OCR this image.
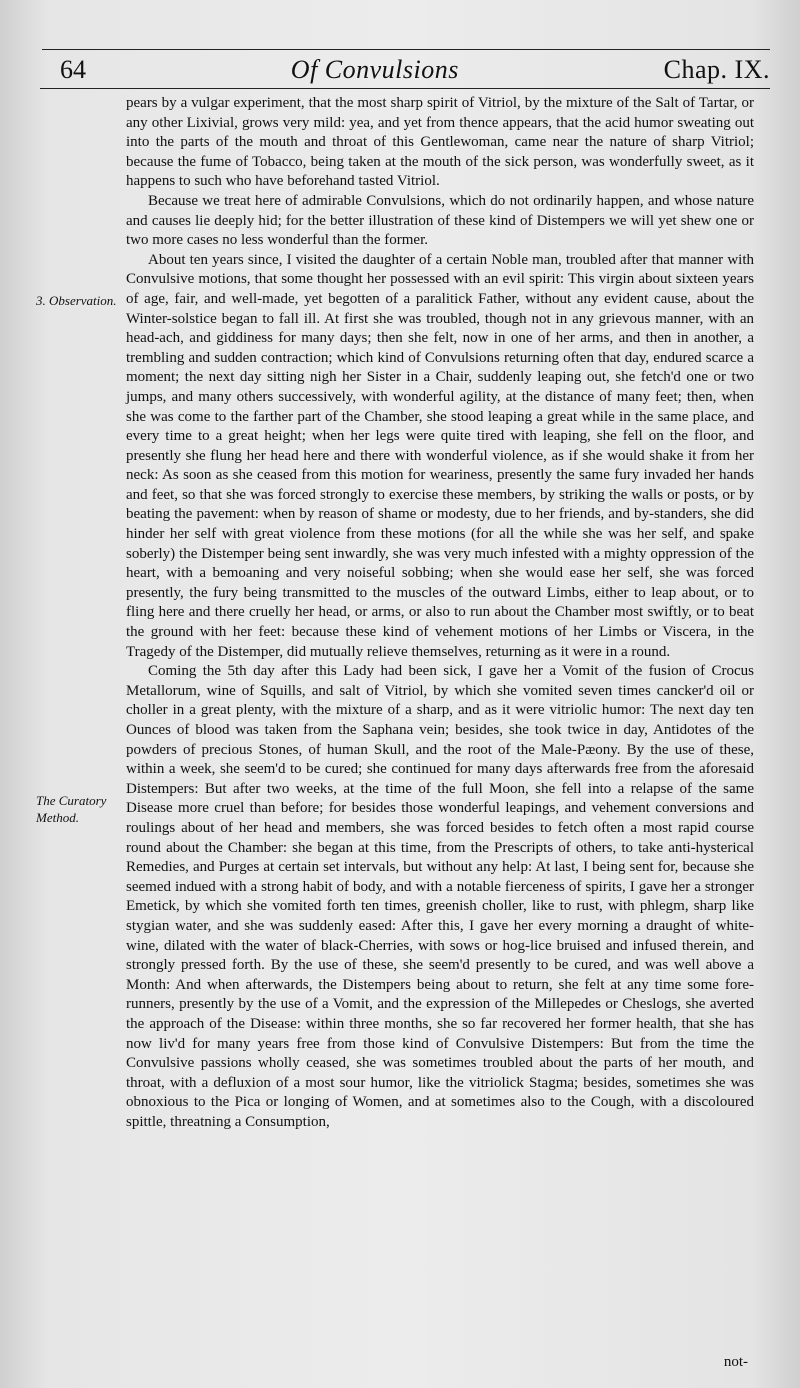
64	Of Convulsions	Chap. IX.
3. Observation.
The Curatory Method.

pears by a vulgar experiment, that the most sharp spirit of Vitriol, by the mixture of the Salt of Tartar, or any other Lixivial, grows very mild: yea, and yet from thence appears, that the acid humor sweating out into the parts of the mouth and throat of this Gentlewoman, came near the nature of sharp Vitriol; because the fume of Tobacco, being taken at the mouth of the sick person, was wonderfully sweet, as it happens to such who have beforehand tasted Vitriol.

Because we treat here of admirable Convulsions, which do not ordinarily happen, and whose nature and causes lie deeply hid; for the better illustration of these kind of Distempers we will yet shew one or two more cases no less wonderful than the former.

About ten years since, I visited the daughter of a certain Noble man, troubled after that manner with Convulsive motions, that some thought her possessed with an evil spirit: This virgin about sixteen years of age, fair, and well-made, yet begotten of a paralitick Father, without any evident cause, about the Winter-solstice began to fall ill. At first she was troubled, though not in any grievous manner, with an head-ach, and giddiness for many days; then she felt, now in one of her arms, and then in another, a trembling and sudden contraction; which kind of Convulsions returning often that day, endured scarce a moment; the next day sitting nigh her Sister in a Chair, suddenly leaping out, she fetch'd one or two jumps, and many others successively, with wonderful agility, at the distance of many feet; then, when she was come to the farther part of the Chamber, she stood leaping a great while in the same place, and every time to a great height; when her legs were quite tired with leaping, she fell on the floor, and presently she flung her head here and there with wonderful violence, as if she would shake it from her neck: As soon as she ceased from this motion for weariness, presently the same fury invaded her hands and feet, so that she was forced strongly to exercise these members, by striking the walls or posts, or by beating the pavement: when by reason of shame or modesty, due to her friends, and by-standers, she did hinder her self with great violence from these motions (for all the while she was her self, and spake soberly) the Distemper being sent inwardly, she was very much infested with a mighty oppression of the heart, with a bemoaning and very noiseful sobbing; when she would ease her self, she was forced presently, the fury being transmitted to the muscles of the outward Limbs, either to leap about, or to fling here and there cruelly her head, or arms, or also to run about the Chamber most swiftly, or to beat the ground with her feet: because these kind of vehement motions of her Limbs or Viscera, in the Tragedy of the Distemper, did mutually relieve themselves, returning as it were in a round.

Coming the 5th day after this Lady had been sick, I gave her a Vomit of the fusion of Crocus Metallorum, wine of Squills, and salt of Vitriol, by which she vomited seven times cancker'd oil or choller in a great plenty, with the mixture of a sharp, and as it were vitriolic humor: The next day ten Ounces of blood was taken from the Saphana vein; besides, she took twice in day, Antidotes of the powders of precious Stones, of human Skull, and the root of the Male-Pæony. By the use of these, within a week, she seem'd to be cured; she continued for many days afterwards free from the aforesaid Distempers: But after two weeks, at the time of the full Moon, she fell into a relapse of the same Disease more cruel than before; for besides those wonderful leapings, and vehement conversions and roulings about of her head and members, she was forced besides to fetch often a most rapid course round about the Chamber: she began at this time, from the Prescripts of others, to take anti-hysterical Remedies, and Purges at certain set intervals, but without any help: At last, I being sent for, because she seemed indued with a strong habit of body, and with a notable fierceness of spirits, I gave her a stronger Emetick, by which she vomited forth ten times, greenish choller, like to rust, with phlegm, sharp like stygian water, and she was suddenly eased: After this, I gave her every morning a draught of white-wine, dilated with the water of black-Cherries, with sows or hog-lice bruised and infused therein, and strongly pressed forth. By the use of these, she seem'd presently to be cured, and was well above a Month: And when afterwards, the Distempers being about to return, she felt at any time some fore-runners, presently by the use of a Vomit, and the expression of the Millepedes or Cheslogs, she averted the approach of the Disease: within three months, she so far recovered her former health, that she has now liv'd for many years free from those kind of Convulsive Distempers: But from the time the Convulsive passions wholly ceased, she was sometimes troubled about the parts of her mouth, and throat, with a defluxion of a most sour humor, like the vitriolick Stagma; besides, sometimes she was obnoxious to the Pica or longing of Women, and at sometimes also to the Cough, with a discoloured spittle, threatning a Consumption,

not-
